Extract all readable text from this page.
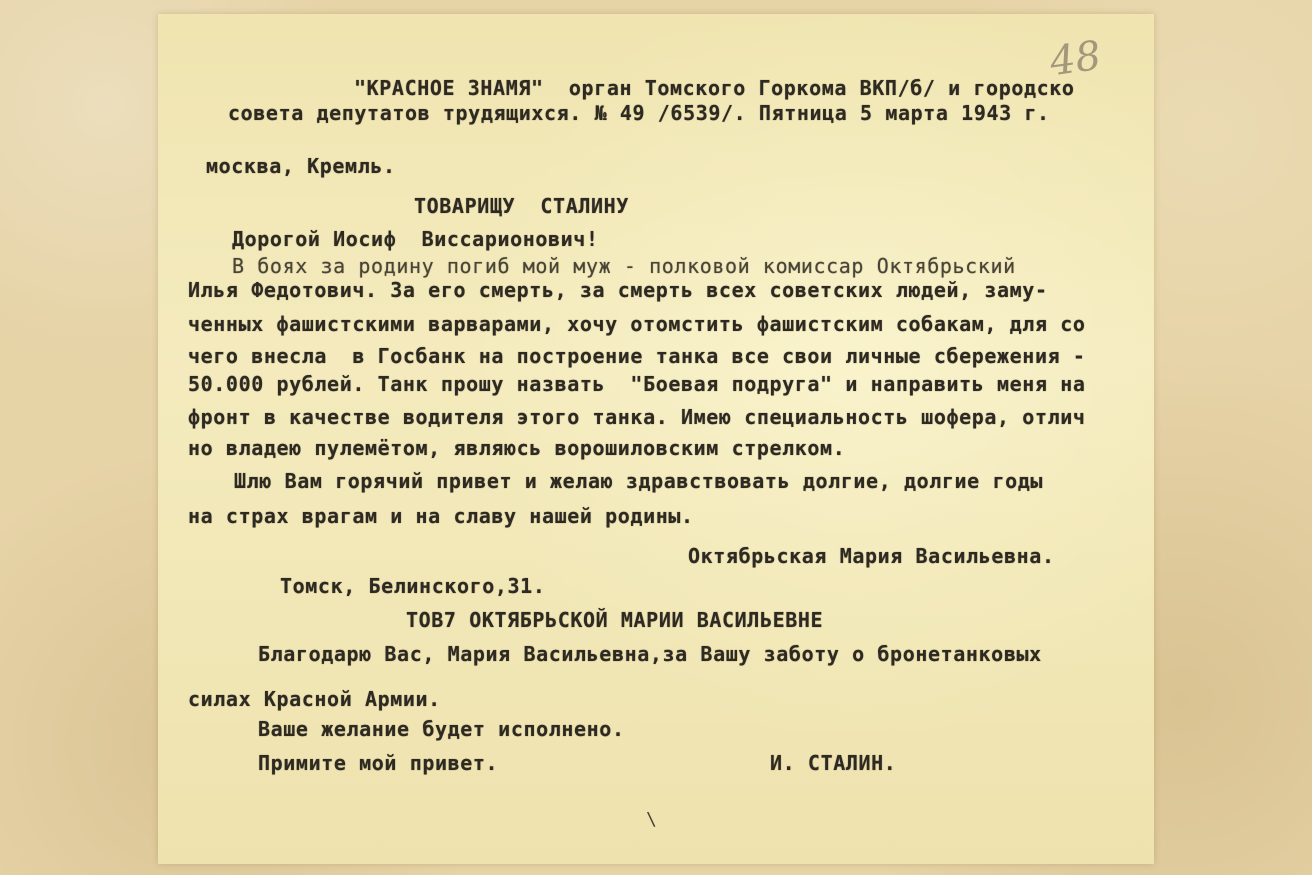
48
"КРАСНОЕ ЗНАМЯ"  орган Томского Горкома ВКП/б/ и городско
совета депутатов трудящихся. № 49 /6539/. Пятница 5 марта 1943 г.
москва, Кремль.
ТОВАРИЩУ  СТАЛИНУ
Дорогой Иосиф  Виссарионович!
В боях за родину погиб мой муж - полковой комиссар Октябрьский
Илья Федотович. За его смерть, за смерть всех советских людей, заму-
ченных фашистскими варварами, хочу отомстить фашистским собакам, для со
чего внесла  в Госбанк на построение танка все свои личные сбережения -
50.000 рублей. Танк прошу назвать  "Боевая подруга" и направить меня на
фронт в качестве водителя этого танка. Имею специальность шофера, отлич
но владею пулемётом, являюсь ворошиловским стрелком.
Шлю Вам горячий привет и желаю здравствовать долгие, долгие годы
на страх врагам и на славу нашей родины.
Октябрьская Мария Васильевна.
Томск, Белинского,31.
ТОВ7 ОКТЯБРЬСКОЙ МАРИИ ВАСИЛЬЕВНЕ
Благодарю Вас, Мария Васильевна,за Вашу заботу о бронетанковых
силах Красной Армии.
Ваше желание будет исполнено.
Примите мой привет.	И. СТАЛИН.
\
